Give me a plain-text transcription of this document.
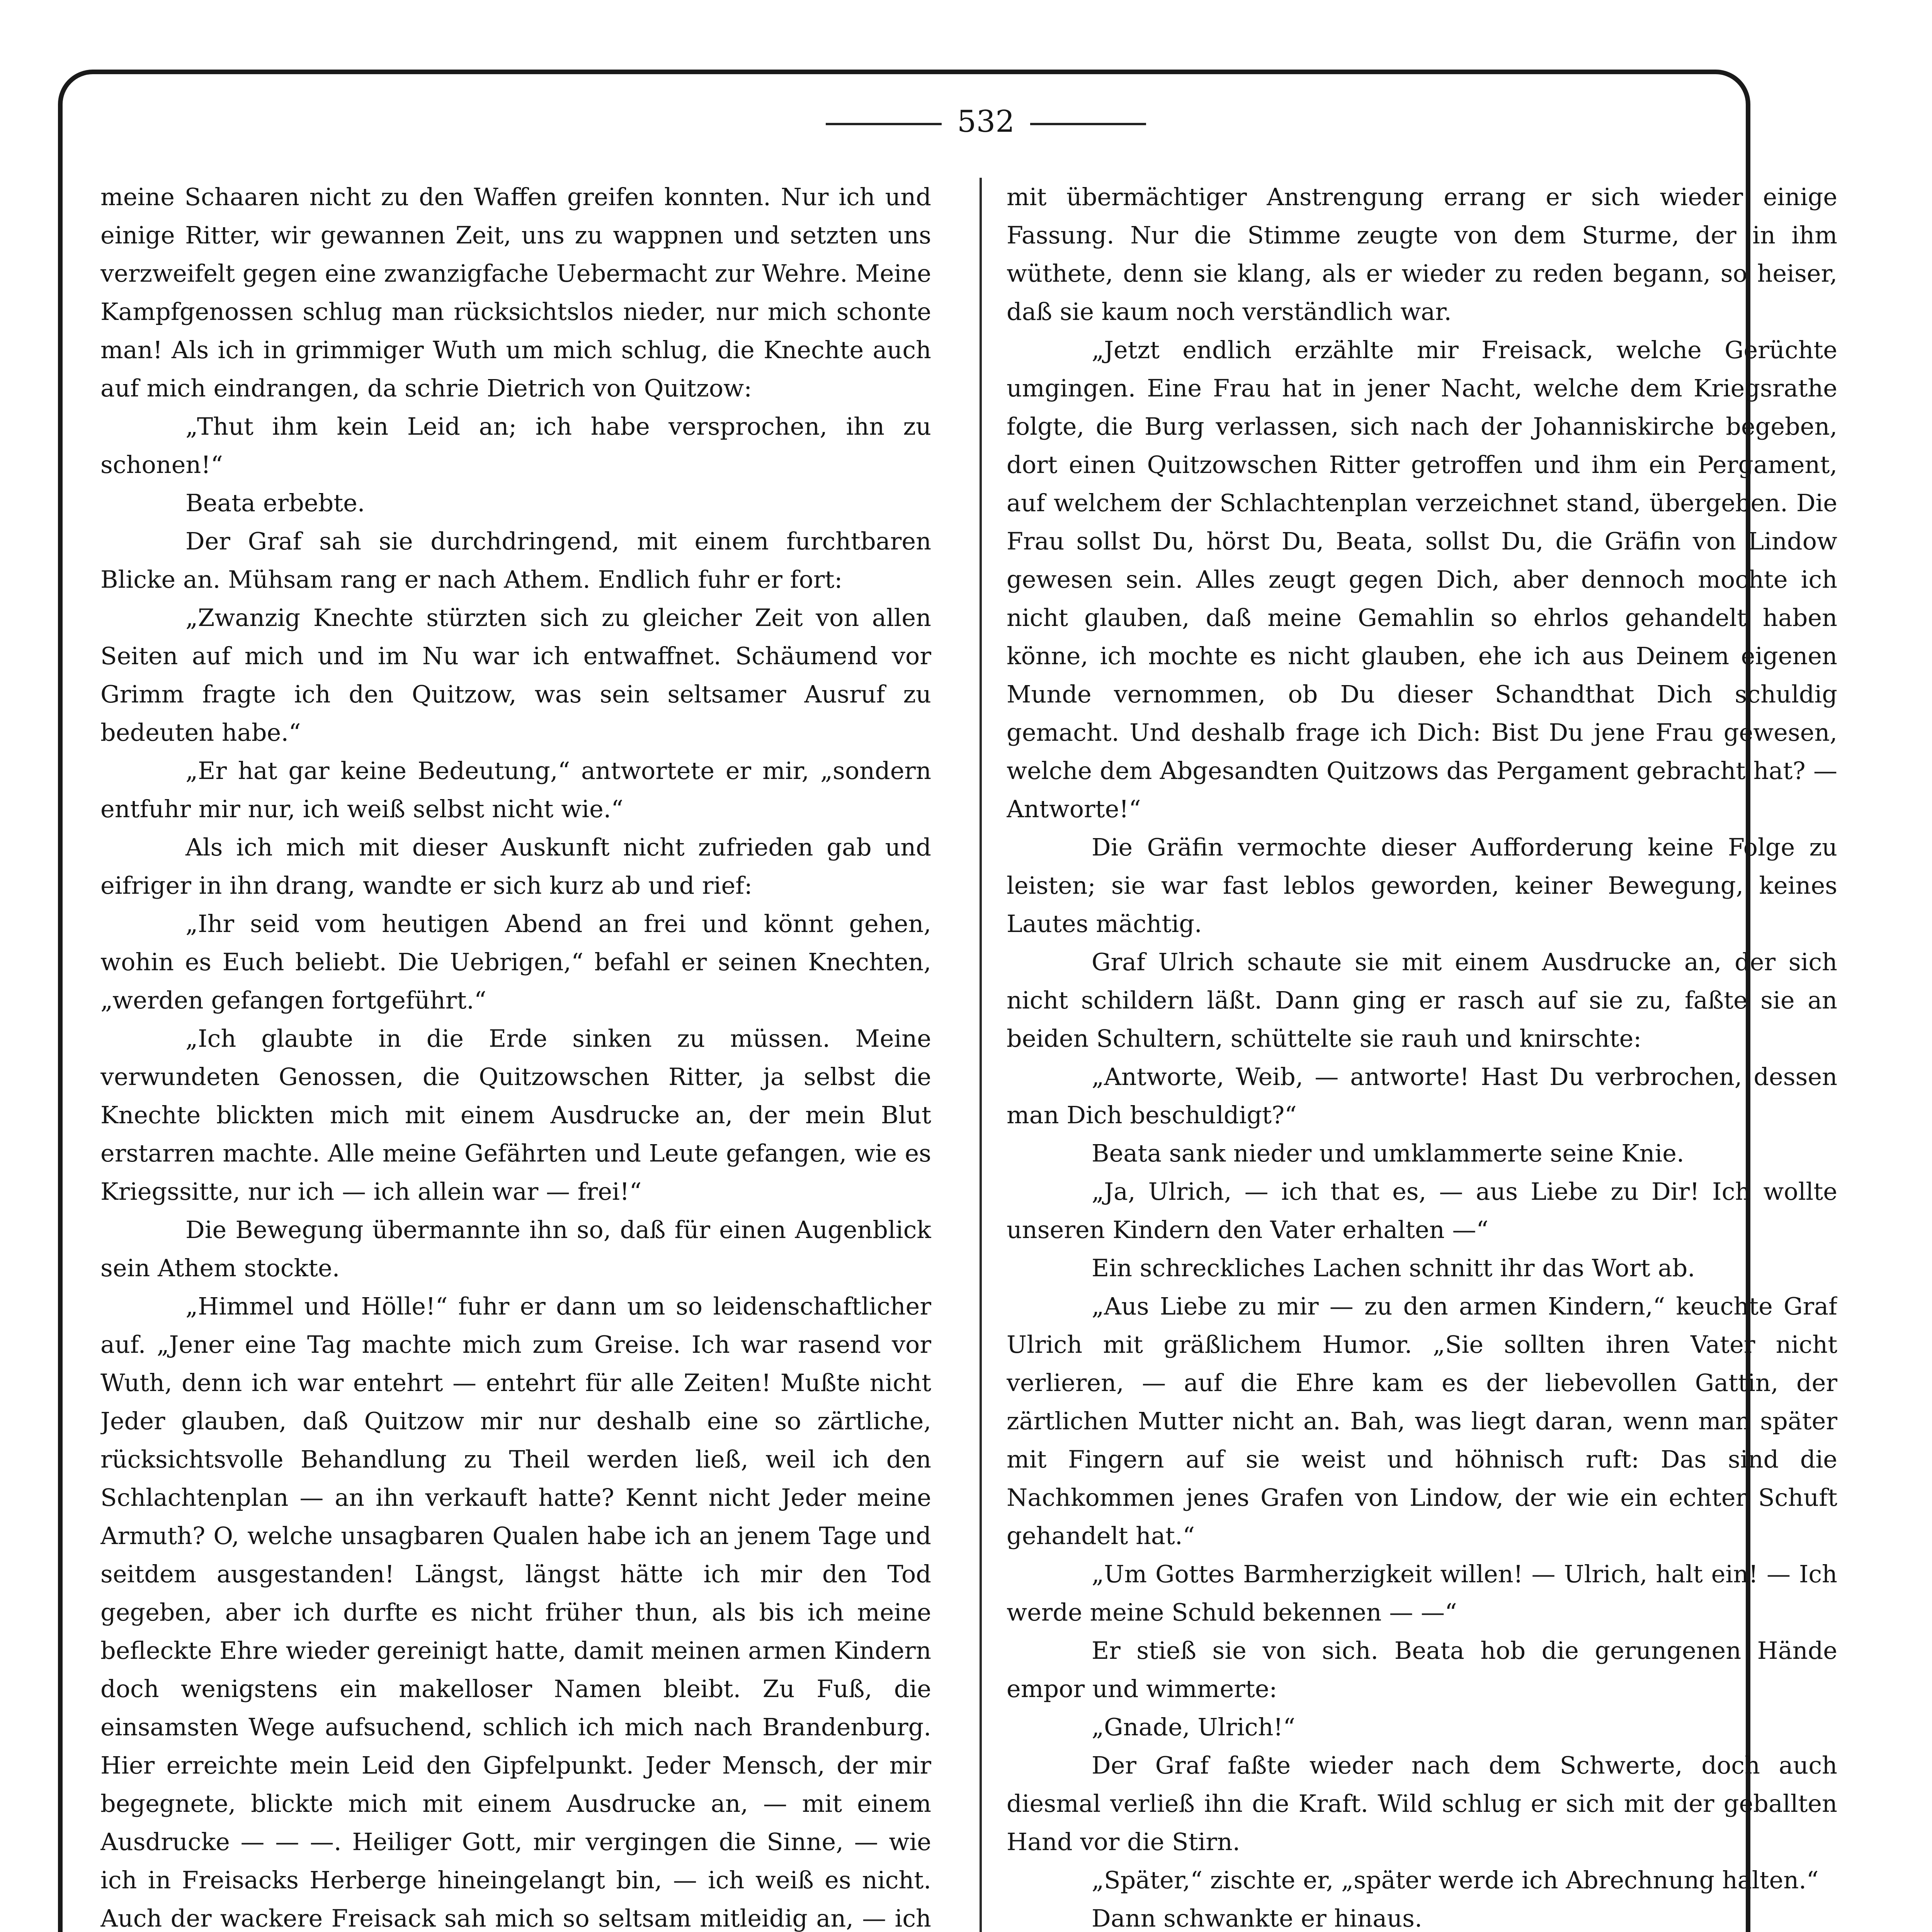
532

meine Schaaren nicht zu den Waffen greifen konnten. Nur ich und einige Ritter, wir gewannen Zeit, uns zu wappnen und setzten uns verzweifelt gegen eine zwanzigfache Uebermacht zur Wehre. Meine Kampfgenossen schlug man rücksichtslos nieder, nur mich schonte man! Als ich in grimmiger Wuth um mich schlug, die Knechte auch auf mich eindrangen, da schrie Dietrich von Quitzow:

„Thut ihm kein Leid an; ich habe versprochen, ihn zu schonen!“

Beata erbebte.

Der Graf sah sie durchdringend, mit einem furchtbaren Blicke an. Mühsam rang er nach Athem. Endlich fuhr er fort:

„Zwanzig Knechte stürzten sich zu gleicher Zeit von allen Seiten auf mich und im Nu war ich entwaffnet. Schäumend vor Grimm fragte ich den Quitzow, was sein seltsamer Ausruf zu bedeuten habe.“

„Er hat gar keine Bedeutung,“ antwortete er mir, „sondern entfuhr mir nur, ich weiß selbst nicht wie.“

Als ich mich mit dieser Auskunft nicht zufrieden gab und eifriger in ihn drang, wandte er sich kurz ab und rief:

„Ihr seid vom heutigen Abend an frei und könnt gehen, wohin es Euch beliebt. Die Uebrigen,“ befahl er seinen Knechten, „werden gefangen fortgeführt.“

„Ich glaubte in die Erde sinken zu müssen. Meine verwundeten Genossen, die Quitzowschen Ritter, ja selbst die Knechte blickten mich mit einem Ausdrucke an, der mein Blut erstarren machte. Alle meine Gefährten und Leute gefangen, wie es Kriegssitte, nur ich — ich allein war — frei!“

Die Bewegung übermannte ihn so, daß für einen Augenblick sein Athem stockte.

„Himmel und Hölle!“ fuhr er dann um so leidenschaftlicher auf. „Jener eine Tag machte mich zum Greise. Ich war rasend vor Wuth, denn ich war entehrt — entehrt für alle Zeiten! Mußte nicht Jeder glauben, daß Quitzow mir nur deshalb eine so zärtliche, rücksichtsvolle Behandlung zu Theil werden ließ, weil ich den Schlachtenplan — an ihn verkauft hatte? Kennt nicht Jeder meine Armuth? O, welche unsagbaren Qualen habe ich an jenem Tage und seitdem ausgestanden! Längst, längst hätte ich mir den Tod gegeben, aber ich durfte es nicht früher thun, als bis ich meine befleckte Ehre wieder gereinigt hatte, damit meinen armen Kindern doch wenigstens ein makelloser Namen bleibt. Zu Fuß, die einsamsten Wege aufsuchend, schlich ich mich nach Brandenburg. Hier erreichte mein Leid den Gipfelpunkt. Jeder Mensch, der mir begegnete, blickte mich mit einem Ausdrucke an, — mit einem Ausdrucke — — —. Heiliger Gott, mir vergingen die Sinne, — wie ich in Freisacks Herberge hineingelangt bin, — ich weiß es nicht. Auch der wackere Freisack sah mich so seltsam mitleidig an, — ich

mit übermächtiger Anstrengung errang er sich wieder einige Fassung. Nur die Stimme zeugte von dem Sturme, der in ihm wüthete, denn sie klang, als er wieder zu reden begann, so heiser, daß sie kaum noch verständlich war.

„Jetzt endlich erzählte mir Freisack, welche Gerüchte umgingen. Eine Frau hat in jener Nacht, welche dem Kriegsrathe folgte, die Burg verlassen, sich nach der Johanniskirche begeben, dort einen Quitzowschen Ritter getroffen und ihm ein Pergament, auf welchem der Schlachtenplan verzeichnet stand, übergeben. Die Frau sollst Du, hörst Du, Beata, sollst Du, die Gräfin von Lindow gewesen sein. Alles zeugt gegen Dich, aber dennoch mochte ich nicht glauben, daß meine Gemahlin so ehrlos gehandelt haben könne, ich mochte es nicht glauben, ehe ich aus Deinem eigenen Munde vernommen, ob Du dieser Schandthat Dich schuldig gemacht. Und deshalb frage ich Dich: Bist Du jene Frau gewesen, welche dem Abgesandten Quitzows das Pergament gebracht hat? — Antworte!“

Die Gräfin vermochte dieser Aufforderung keine Folge zu leisten; sie war fast leblos geworden, keiner Bewegung, keines Lautes mächtig.

Graf Ulrich schaute sie mit einem Ausdrucke an, der sich nicht schildern läßt. Dann ging er rasch auf sie zu, faßte sie an beiden Schultern, schüttelte sie rauh und knirschte:

„Antworte, Weib, — antworte! Hast Du verbrochen, dessen man Dich beschuldigt?“

Beata sank nieder und umklammerte seine Knie.

„Ja, Ulrich, — ich that es, — aus Liebe zu Dir! Ich wollte unseren Kindern den Vater erhalten —“

Ein schreckliches Lachen schnitt ihr das Wort ab.

„Aus Liebe zu mir — zu den armen Kindern,“ keuchte Graf Ulrich mit gräßlichem Humor. „Sie sollten ihren Vater nicht verlieren, — auf die Ehre kam es der liebevollen Gattin, der zärtlichen Mutter nicht an. Bah, was liegt daran, wenn man später mit Fingern auf sie weist und höhnisch ruft: Das sind die Nachkommen jenes Grafen von Lindow, der wie ein echter Schuft gehandelt hat.“

„Um Gottes Barmherzigkeit willen! — Ulrich, halt ein! — Ich werde meine Schuld bekennen — —“

Er stieß sie von sich. Beata hob die gerungenen Hände empor und wimmerte:

„Gnade, Ulrich!“

Der Graf faßte wieder nach dem Schwerte, doch auch diesmal verließ ihn die Kraft. Wild schlug er sich mit der geballten Hand vor die Stirn.

„Später,“ zischte er, „später werde ich Abrechnung halten.“

Dann schwankte er hinaus.
